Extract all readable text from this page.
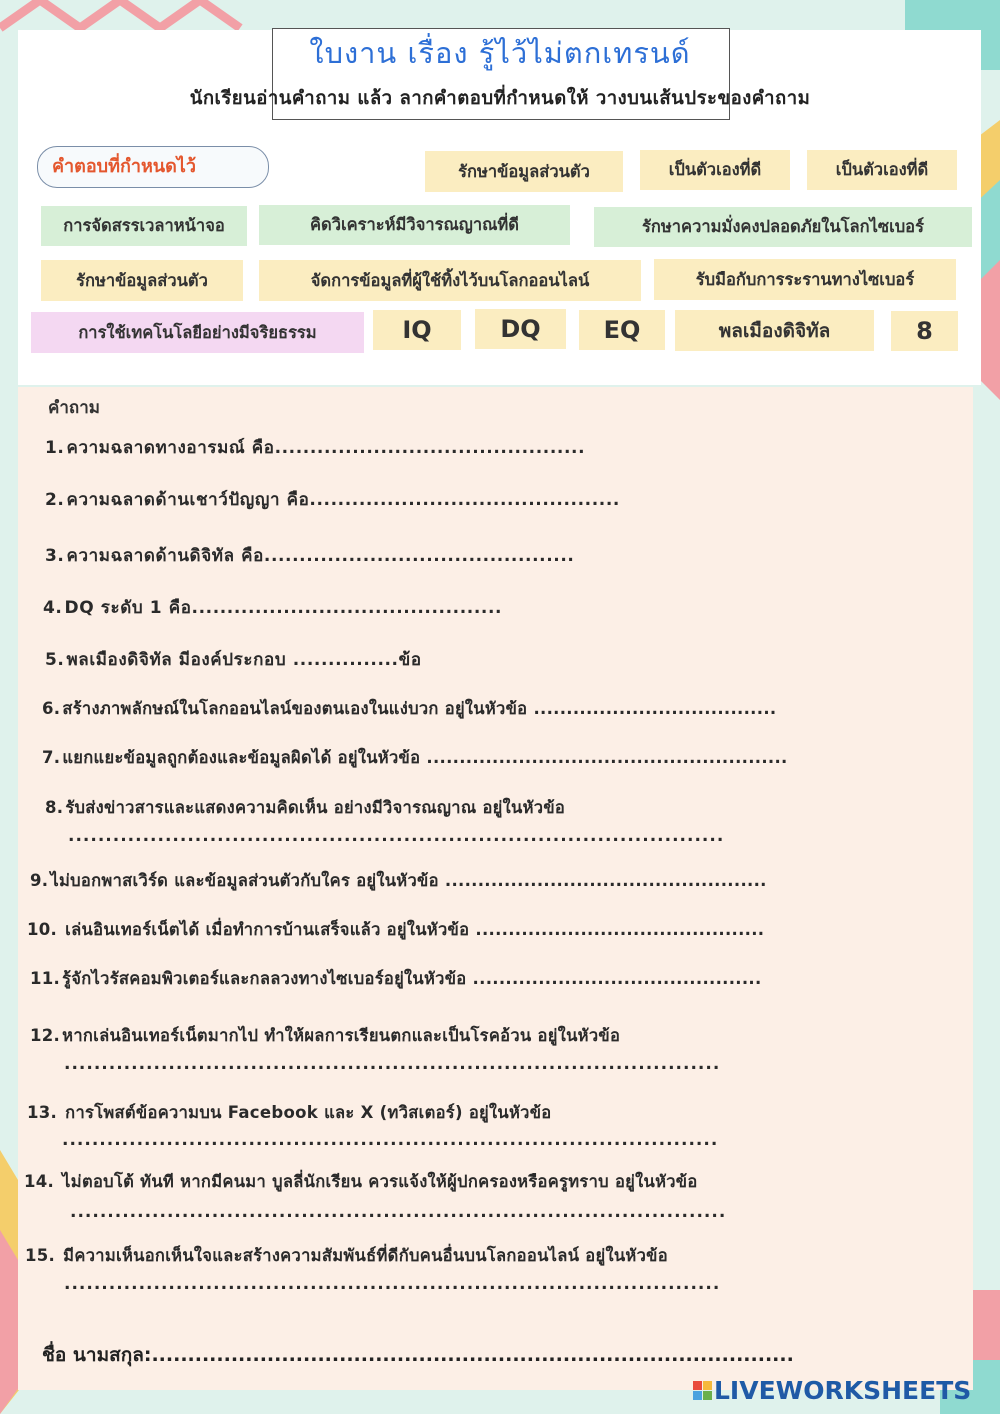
ใบงาน เรื่อง รู้ไว้ไม่ตกเทรนด์
นักเรียนอ่านคำถาม แล้ว ลากคำตอบที่กำหนดให้ วางบนเส้นประของคำถาม
คำตอบที่กำหนดไว้	รักษาข้อมูลส่วนตัว	เป็นตัวเองที่ดี	เป็นตัวเองที่ดี
การจัดสรรเวลาหน้าจอ	คิดวิเคราะห์มีวิจารณญาณที่ดี	รักษาความมั่งคงปลอดภัยในโลกไซเบอร์
รักษาข้อมูลส่วนตัว	จัดการข้อมูลที่ผู้ใช้ทิ้งไว้บนโลกออนไลน์	รับมือกับการระรานทางไซเบอร์
การใช้เทคโนโลยีอย่างมีจริยธรรม	IQ	DQ	EQ	พลเมืองดิจิทัล	8
คำถาม
1. ความฉลาดทางอารมณ์ คือ............................................
2. ความฉลาดด้านเชาว์ปัญญา คือ............................................
3. ความฉลาดด้านดิจิทัล คือ............................................
4. DQ ระดับ 1 คือ............................................
5. พลเมืองดิจิทัล มีองค์ประกอบ ...............ข้อ
6. สร้างภาพลักษณ์ในโลกออนไลน์ของตนเองในแง่บวก อยู่ในหัวข้อ .....................................
7. แยกแยะข้อมูลถูกต้องและข้อมูลผิดได้ อยู่ในหัวข้อ .......................................................
8. รับส่งข่าวสารและแสดงความคิดเห็น อย่างมีวิจารณญาณ อยู่ในหัวข้อ
........................................................................................
9. ไม่บอกพาสเวิร์ด และข้อมูลส่วนตัวกับใคร อยู่ในหัวข้อ .................................................
10. เล่นอินเทอร์เน็ตได้ เมื่อทำการบ้านเสร็จแล้ว อยู่ในหัวข้อ ............................................
11. รู้จักไวรัสคอมพิวเตอร์และกลลวงทางไซเบอร์อยู่ในหัวข้อ ............................................
12. หากเล่นอินเทอร์เน็ตมากไป ทำให้ผลการเรียนตกและเป็นโรคอ้วน อยู่ในหัวข้อ
........................................................................................
13. การโพสต์ข้อความบน Facebook และ X (ทวิสเตอร์) อยู่ในหัวข้อ
........................................................................................
14. ไม่ตอบโต้ ทันที หากมีคนมา บูลลี่นักเรียน ควรแจ้งให้ผู้ปกครองหรือครูทราบ อยู่ในหัวข้อ
........................................................................................
15. มีความเห็นอกเห็นใจและสร้างความสัมพันธ์ที่ดีกับคนอื่นบนโลกออนไลน์ อยู่ในหัวข้อ
........................................................................................
ชื่อ นามสกุล:.........................................................................................
LIVEWORKSHEETS
